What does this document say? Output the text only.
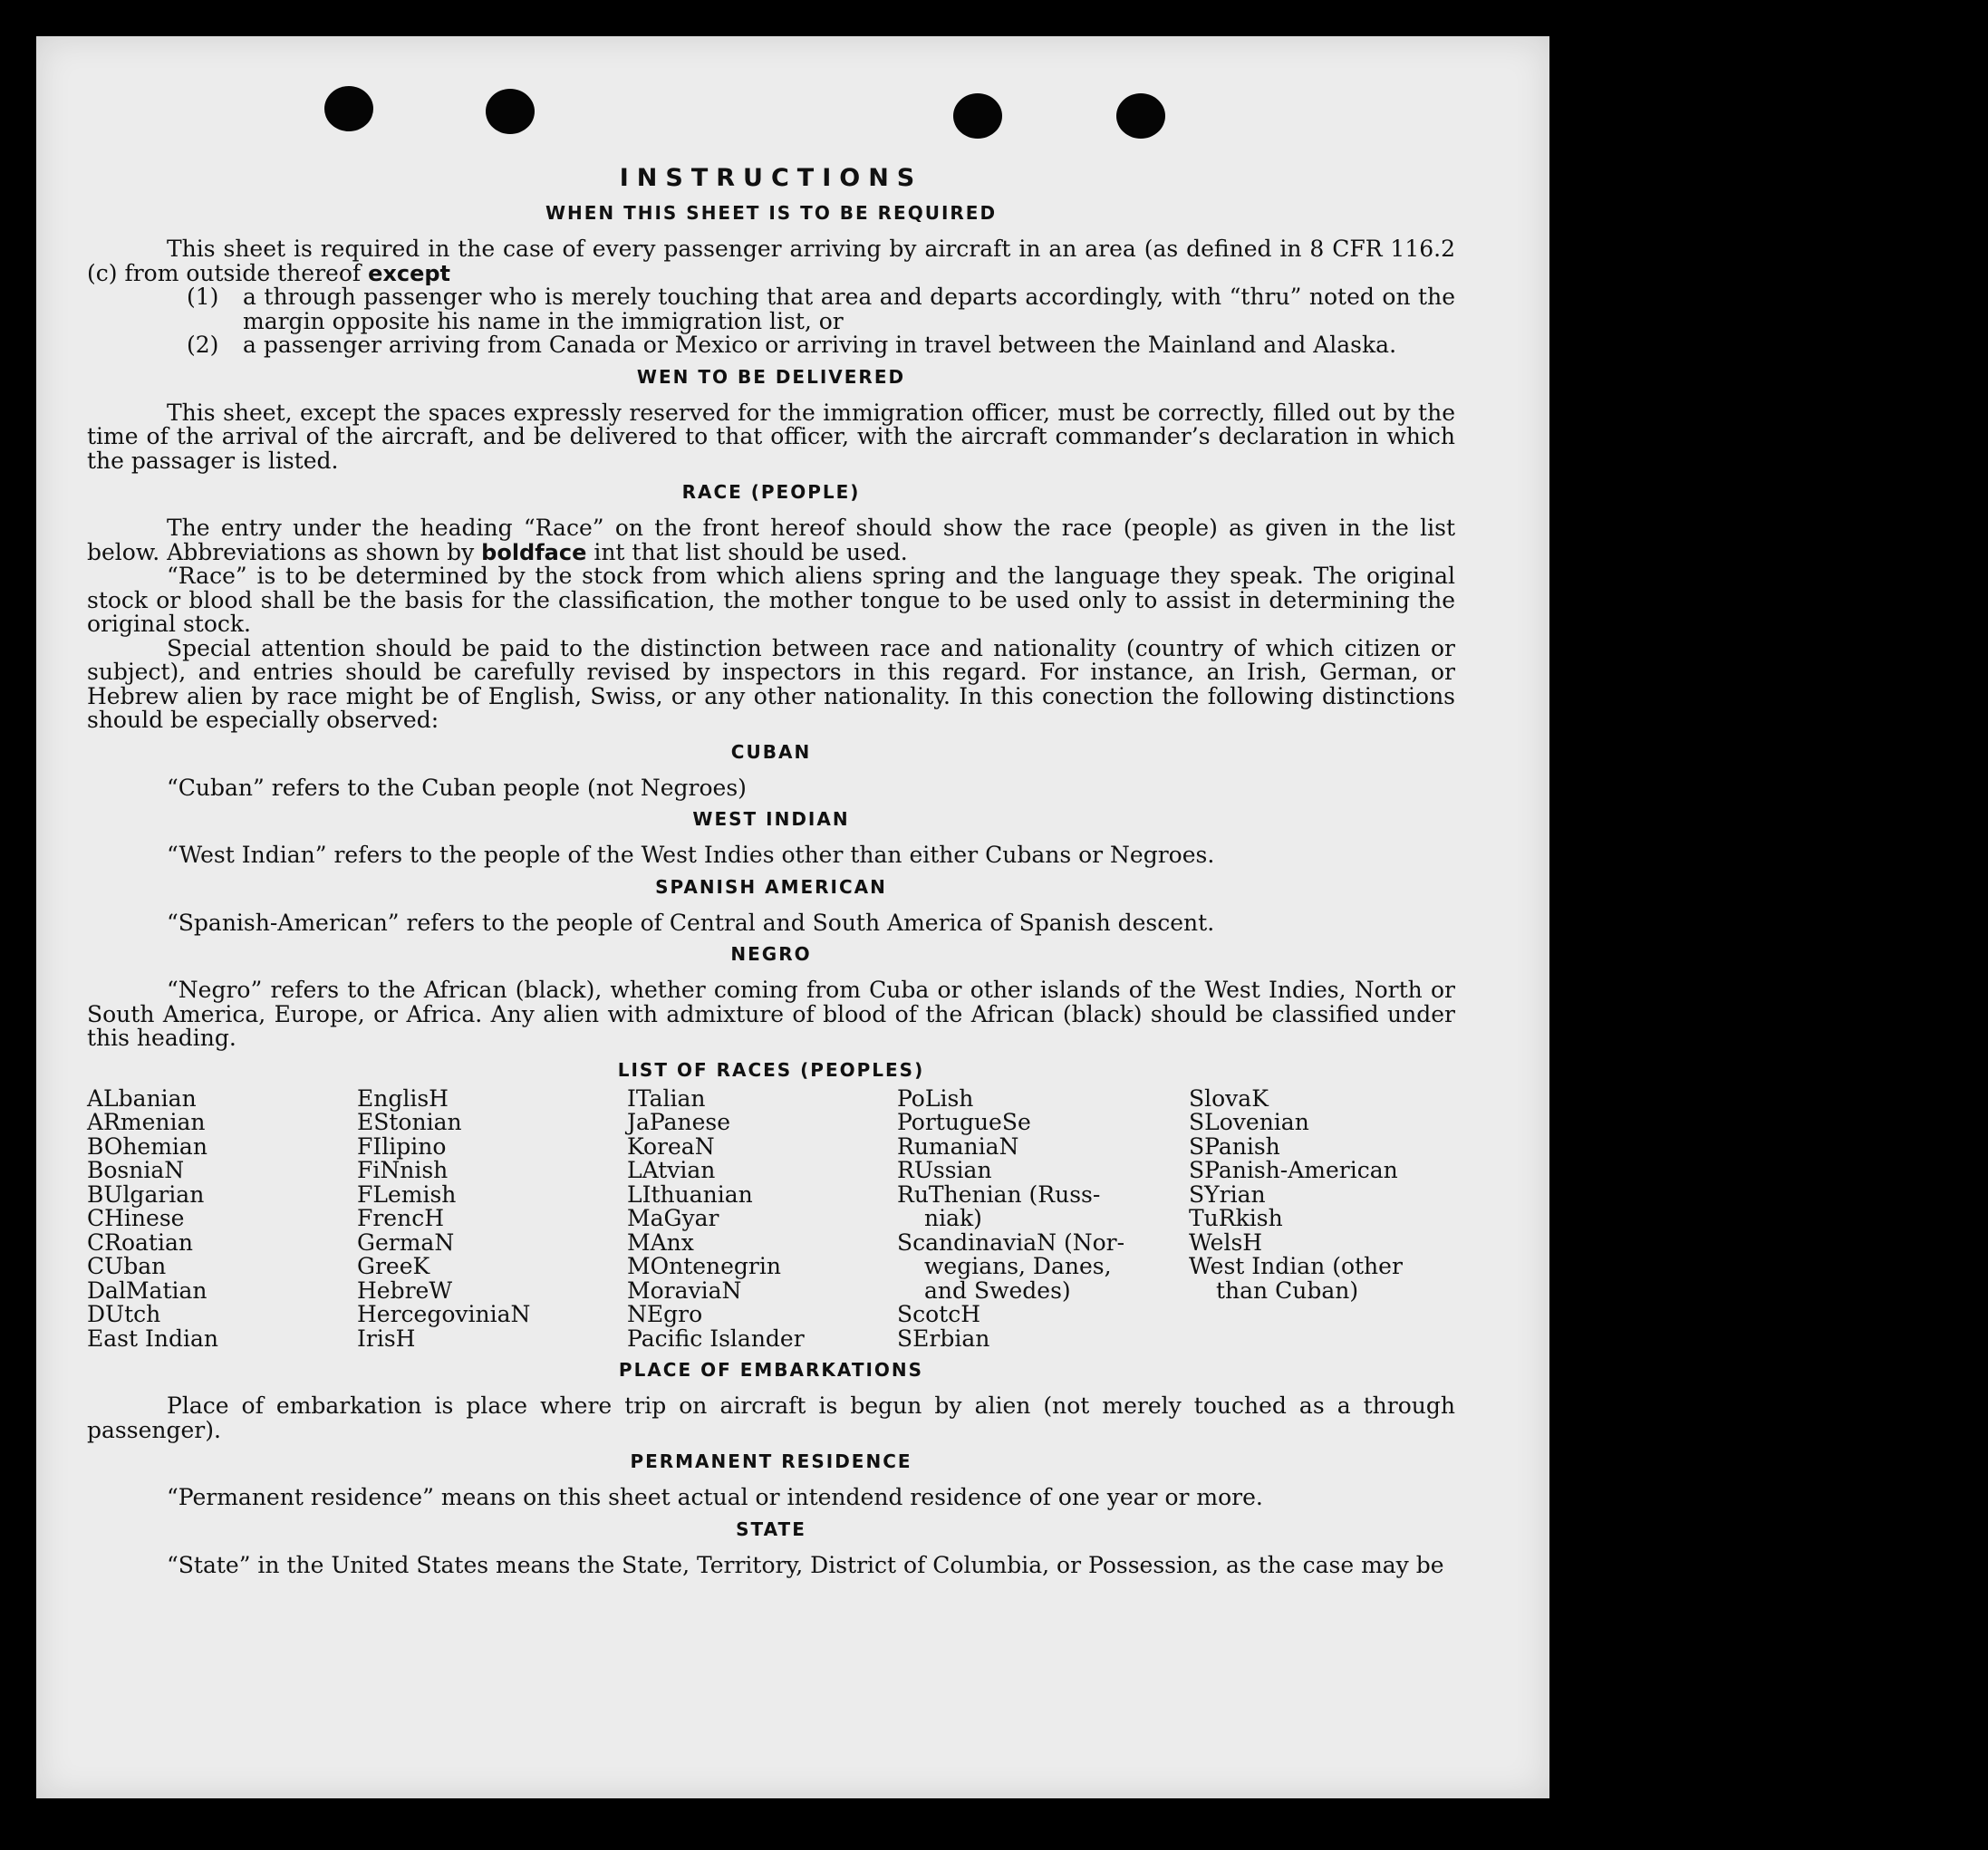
INSTRUCTIONS
WHEN THIS SHEET IS TO BE REQUIRED

This sheet is required in the case of every passenger arriving by aircraft in an area (as defined in 8 CFR 116.2 (c) from outside thereof except

(1)	a through passenger who is merely touching that area and departs accordingly, with “thru” noted on the margin opposite his name in the immigration list, or
(2)	a passenger arriving from Canada or Mexico or arriving in travel between the Mainland and Alaska.
WEN TO BE DELIVERED

This sheet, except the spaces expressly reserved for the immigration officer, must be correctly, filled out by the time of the arrival of the aircraft, and be delivered to that officer, with the aircraft commander’s declaration in which the passager is listed.

RACE (PEOPLE)

The entry under the heading “Race” on the front hereof should show the race (people) as given in the list below. Abbreviations as shown by boldface int that list should be used.

“Race” is to be determined by the stock from which aliens spring and the language they speak. The original stock or blood shall be the basis for the classification, the mother tongue to be used only to assist in determining the original stock.

Special attention should be paid to the distinction between race and nationality (country of which citizen or subject), and entries should be carefully revised by inspectors in this regard. For instance, an Irish, German, or Hebrew alien by race might be of English, Swiss, or any other nationality. In this conection the following distinctions should be especially observed:

CUBAN

“Cuban” refers to the Cuban people (not Negroes)

WEST INDIAN

“West Indian” refers to the people of the West Indies other than either Cubans or Negroes.

SPANISH AMERICAN

“Spanish-American” refers to the people of Central and South America of Spanish descent.

NEGRO

“Negro” refers to the African (black), whether coming from Cuba or other islands of the West Indies, North or South America, Europe, or Africa. Any alien with admixture of blood of the African (black) should be classified under this heading.

LIST OF RACES (PEOPLES)
ALbanian
ARmenian
BOhemian
BosniaN
BUlgarian
CHinese
CRoatian
CUban
DalMatian
DUtch
East Indian
EnglisH
EStonian
FIlipino
FiNnish
FLemish
FrencH
GermaN
GreeK
HebreW
HercegoviniaN
IrisH
ITalian
JaPanese
KoreaN
LAtvian
LIthuanian
MaGyar
MAnx
MOntenegrin
MoraviaN
NEgro
Pacific Islander
PoLish
PortugueSe
RumaniaN
RUssian
RuThenian (Russ-
niak)
ScandinaviaN (Nor-
wegians, Danes,
and Swedes)
ScotcH
SErbian
SlovaK
SLovenian
SPanish
SPanish-American
SYrian
TuRkish
WelsH
West Indian (other
than Cuban)
PLACE OF EMBARKATIONS

Place of embarkation is place where trip on aircraft is begun by alien (not merely touched as a through passenger).

PERMANENT RESIDENCE

“Permanent residence” means on this sheet actual or intendend residence of one year or more.

STATE

“State” in the United States means the State, Territory, District of Columbia, or Possession, as the case may be
